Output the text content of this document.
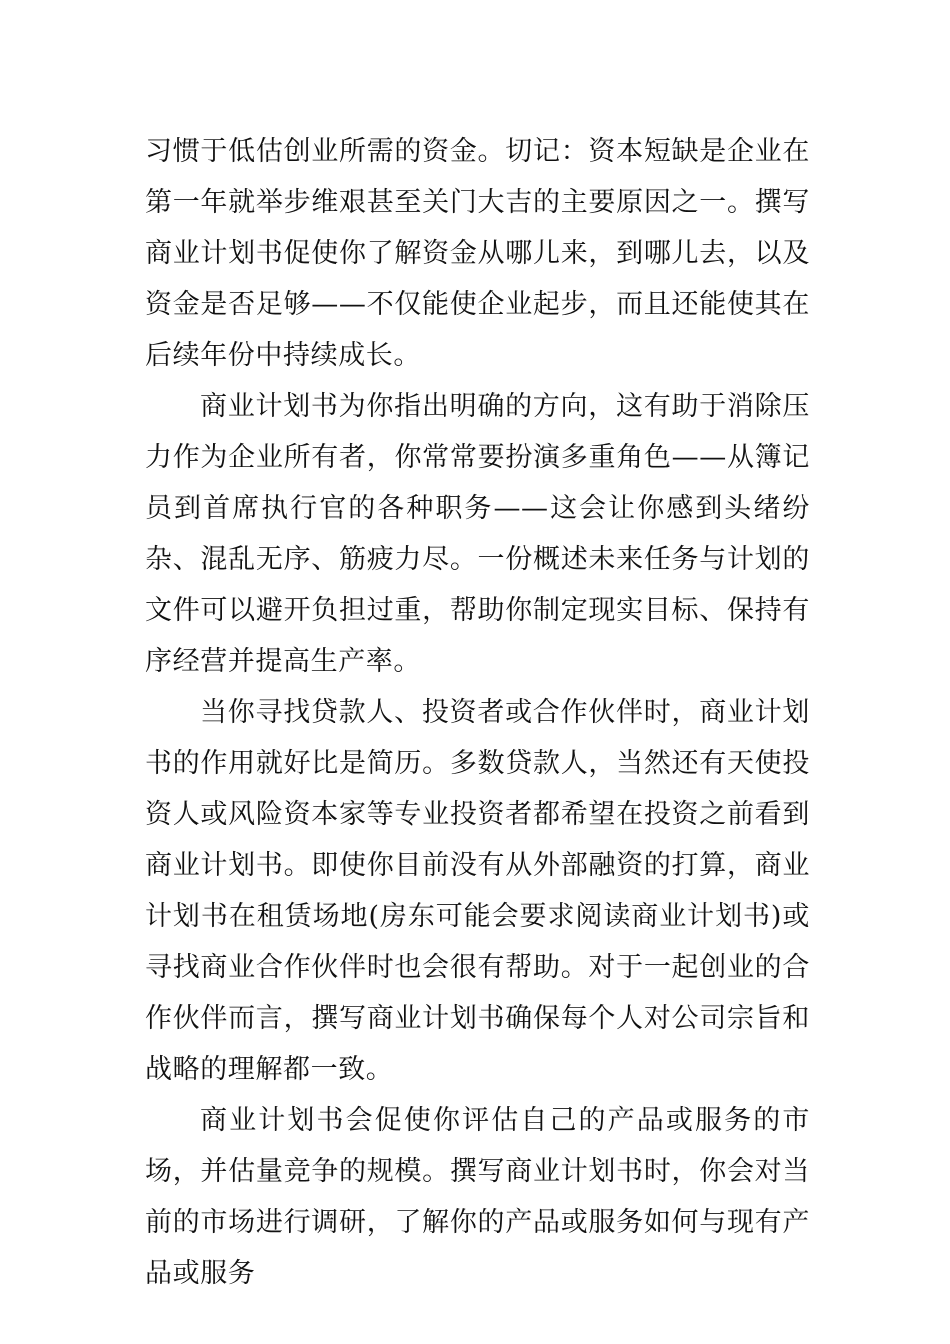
习惯于低估创业所需的资金。切记：资本短缺是企业在第一年就举步维艰甚至关门大吉的主要原因之一。撰写商业计划书促使你了解资金从哪儿来，到哪儿去，以及资金是否足够——不仅能使企业起步，而且还能使其在后续年份中持续成长。

商业计划书为你指出明确的方向，这有助于消除压力作为企业所有者，你常常要扮演多重角色——从簿记员到首席执行官的各种职务——这会让你感到头绪纷杂、混乱无序、筋疲力尽。一份概述未来任务与计划的文件可以避开负担过重，帮助你制定现实目标、保持有序经营并提高生产率。

当你寻找贷款人、投资者或合作伙伴时，商业计划书的作用就好比是简历。多数贷款人，当然还有天使投资人或风险资本家等专业投资者都希望在投资之前看到商业计划书。即使你目前没有从外部融资的打算，商业计划书在租赁场地(房东可能会要求阅读商业计划书)或寻找商业合作伙伴时也会很有帮助。对于一起创业的合作伙伴而言，撰写商业计划书确保每个人对公司宗旨和战略的理解都一致。

商业计划书会促使你评估自己的产品或服务的市场，并估量竞争的规模。撰写商业计划书时，你会对当前的市场进行调研，了解你的产品或服务如何与现有产品或服务
